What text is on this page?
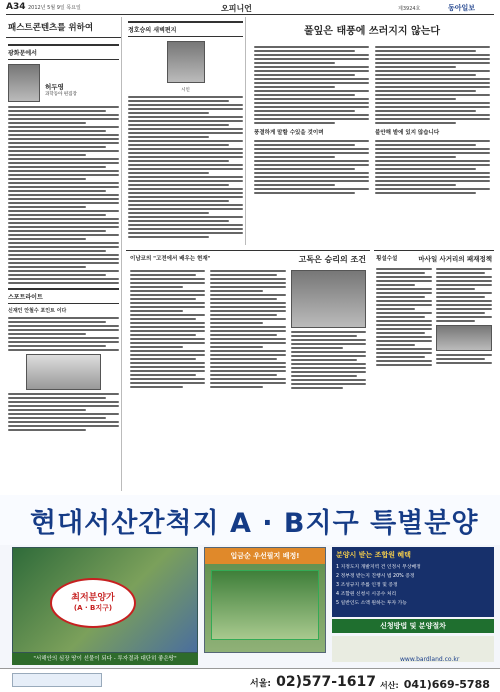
A34 2012년 5월 9일 목요일	오피니언	제3924호	동아일보
패스트콘텐츠를 위하여
광화문에서
허두영
과학동아 편집장
스포트라이트
신재인 안철수 포인트 이다
정호승의 새벽편지
시인
풀잎은 태풍에 쓰러지지 않는다
풍결하게 말할 수있을 것이며	불안해 밭에 있지 않습니다
이남코의 "고전에서 배우는 현재"	고독은 승리의 조건 횡설수설	마사일 사거리의 패재정책
현대서산간척지 A · B지구 특별분양
최저분양가
(A · B지구)
"서해안의 심장 땅이 선물이 되다 - 투자결과 대단히 좋은땅"
입금순 우선필지 배정!	분양시 받는 조합원 혜택
1 지정도지 개발지역 건 인정시 무상배정
2 정부정 받는지 진행시 법 20% 증정
3 조성규지 주를 인정 및 증정
4 조합원 신청시 시공수 처리
5 일반인도 소액 원하는 투자 가능
신청방법 및 분양절차
서울: 02)577-1617 서산: 041)669-5788
www.bardland.co.kr
